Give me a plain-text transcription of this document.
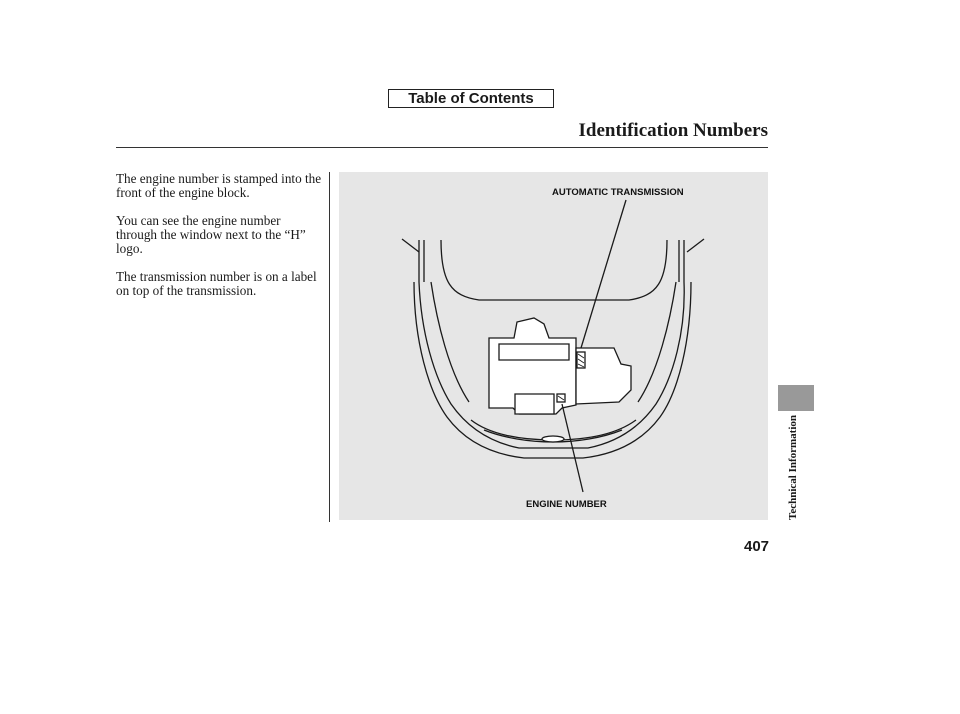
Table of Contents
Identification Numbers

The engine number is stamped into the front of the engine block.

You can see the engine number through the window next to the “H” logo.

The transmission number is on a label on top of the transmission.

AUTOMATIC TRANSMISSION
ENGINE NUMBER	Technical Information
407
